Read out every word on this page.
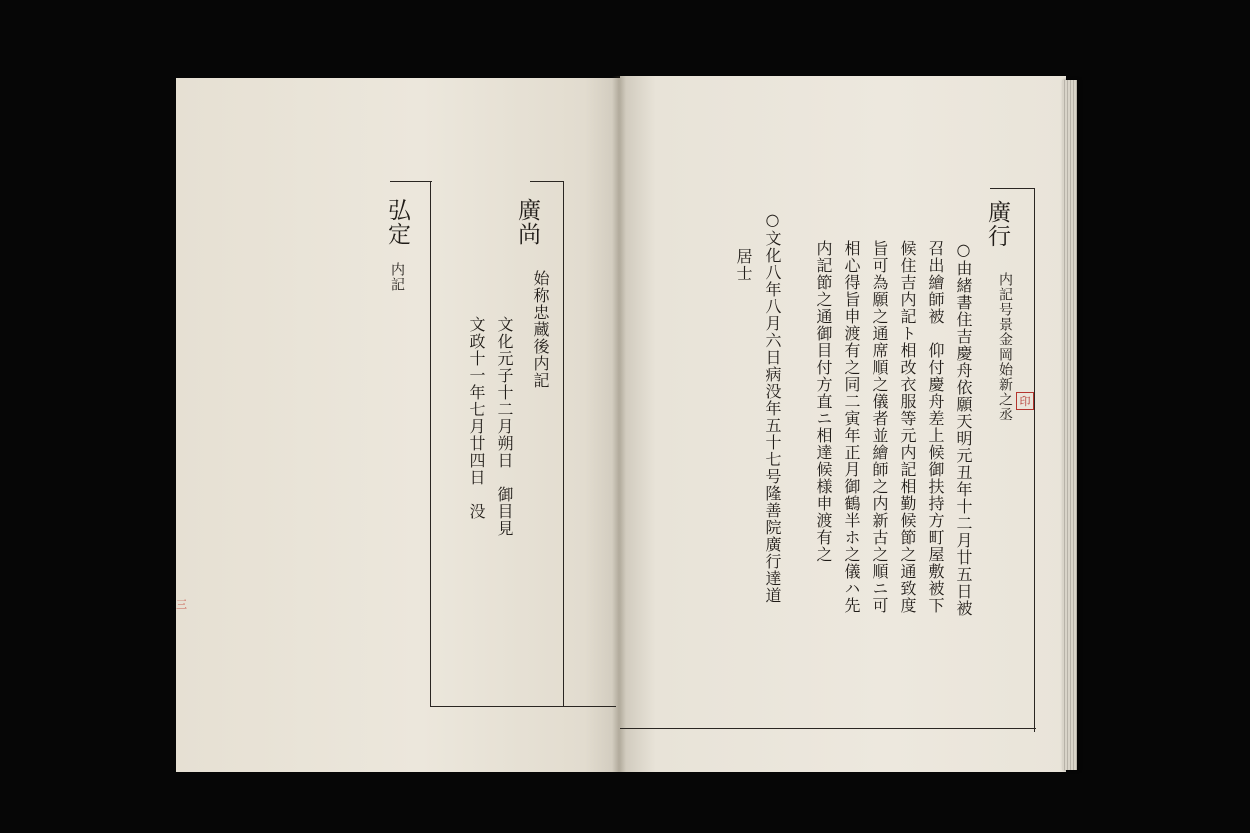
弘定
内記
廣尚
始称忠蔵後内記
文化元子十二月朔日　御目見
文政十一年七月廿四日　没
三
廣行
内記号景金岡始新之丞 印
○由緒書住吉慶舟依願天明元丑年十二月廿五日被
召出繪師被　仰付慶舟差上候御扶持方町屋敷被下
候住吉内記ト相改衣服等元内記相勤候節之通致度
旨可為願之通席順之儀者並繪師之内新古之順ニ可
相心得旨申渡有之同二寅年正月御鶴半ホ之儀ハ先
内記節之通御目付方直ニ相達候様申渡有之
○文化八年八月六日病没年五十七号隆善院廣行達道
居士
